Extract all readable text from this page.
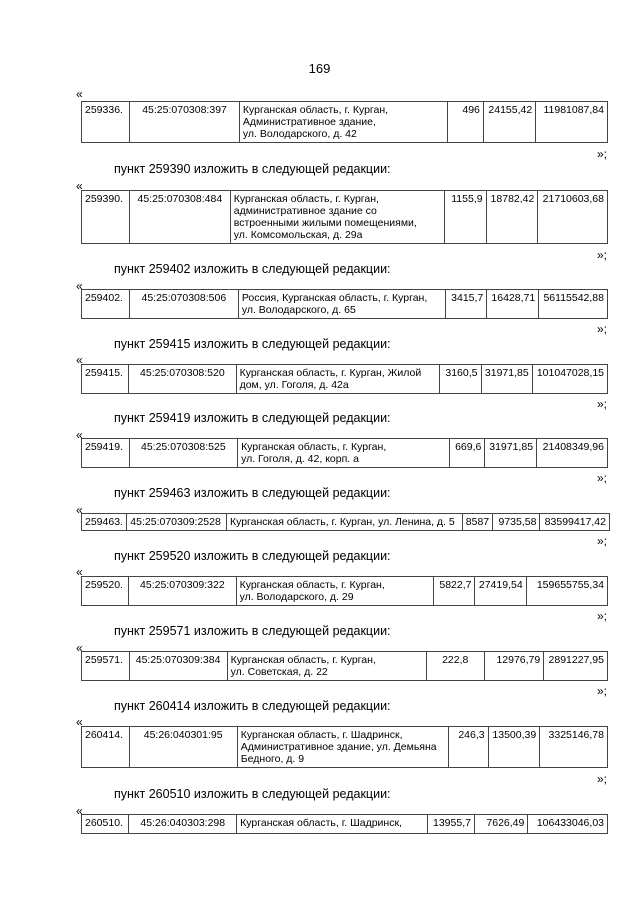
169
«
259336.	45:25:070308:397	Курганская область, г. Курган,
Административное здание,
ул. Володарского, д. 42
	496	24155,42	11981087,84
»;
пункт 259390 изложить в следующей редакции:
«
259390.	45:25:070308:484	Курганская область, г. Курган,
административное здание со
встроенными жилыми помещениями,
ул. Комсомольская, д. 29а
	1155,9	18782,42	21710603,68
»;
пункт 259402 изложить в следующей редакции:
«
259402.	45:25:070308:506	Россия, Курганская область, г. Курган,
ул. Володарского, д. 65
	3415,7	16428,71	56115542,88
»;
пункт 259415 изложить в следующей редакции:
«
259415.	45:25:070308:520	Курганская область, г. Курган, Жилой
дом, ул. Гоголя, д. 42а
	3160,5	31971,85	101047028,15
»;
пункт 259419 изложить в следующей редакции:
«
259419.	45:25:070308:525	Курганская область, г. Курган,
ул. Гоголя, д. 42, корп. а
	669,6	31971,85	21408349,96
»;
пункт 259463 изложить в следующей редакции:
«
259463.	45:25:070309:2528	Курганская область, г. Курган, ул. Ленина, д. 5	8587	9735,58	83599417,42
»;
пункт 259520 изложить в следующей редакции:
«
259520.	45:25:070309:322	Курганская область, г. Курган,
ул. Володарского, д. 29
	5822,7	27419,54	159655755,34
»;
пункт 259571 изложить в следующей редакции:
«
259571.	45:25:070309:384	Курганская область, г. Курган,
ул. Советская, д. 22
	222,8	12976,79	2891227,95
»;
пункт 260414 изложить в следующей редакции:
«
260414.	45:26:040301:95	Курганская область, г. Шадринск,
Административное здание, ул. Демьяна
Бедного, д. 9
	246,3	13500,39	3325146,78
»;
пункт 260510 изложить в следующей редакции:
«
260510.	45:26:040303:298	Курганская область, г. Шадринск,	13955,7	7626,49	106433046,03
